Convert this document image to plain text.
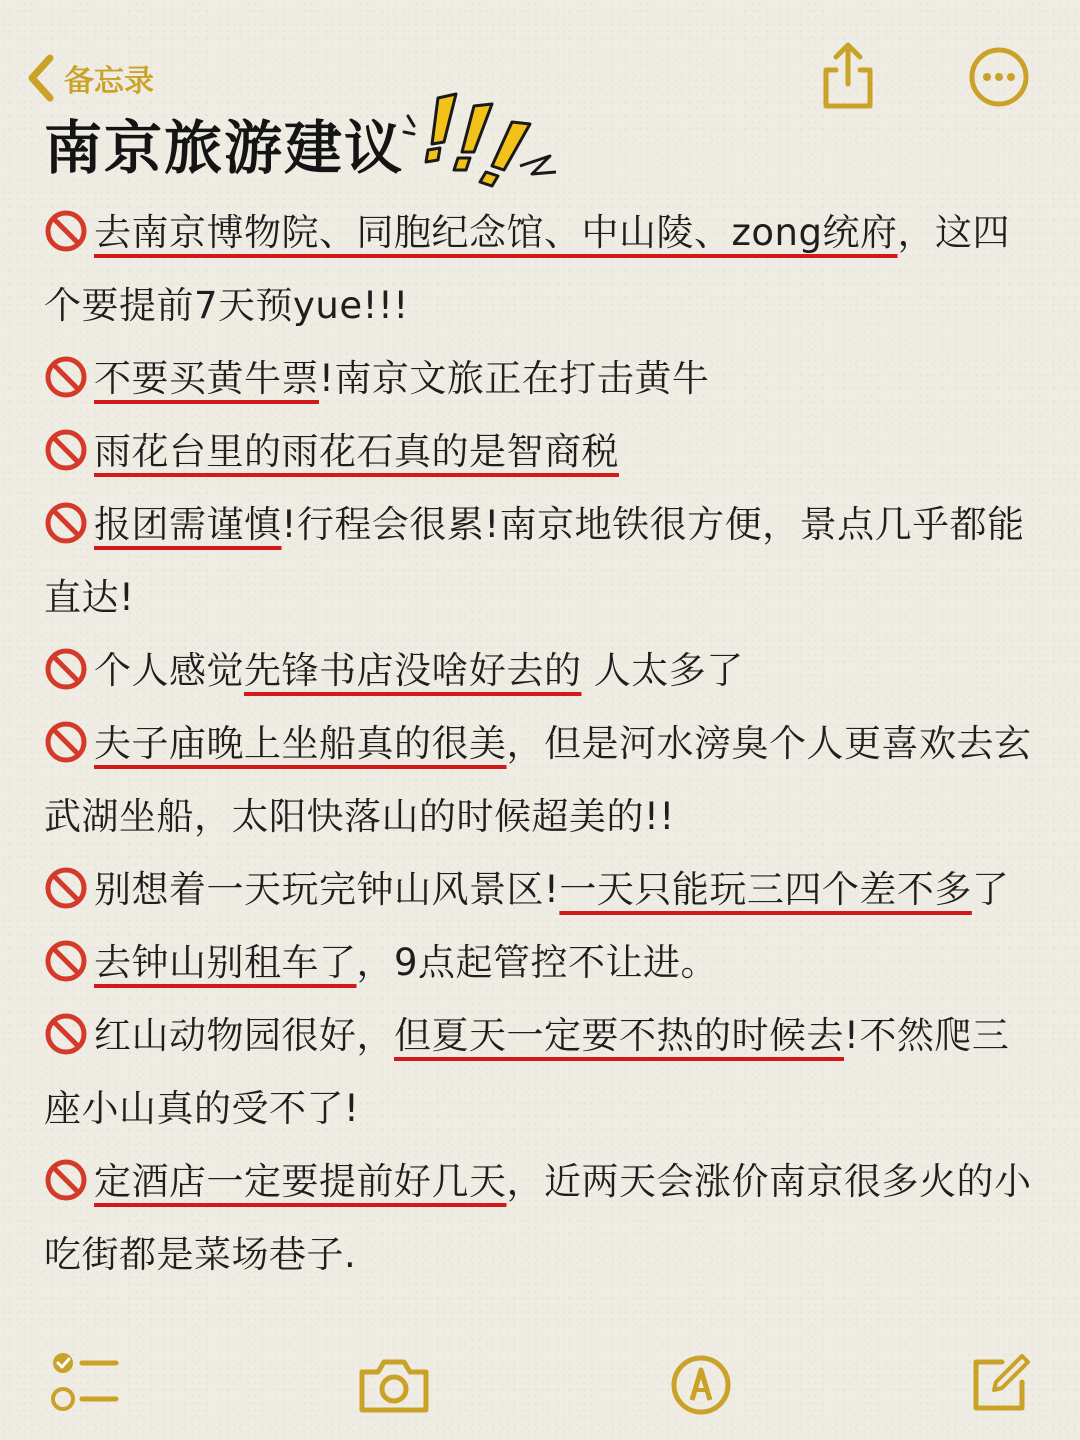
备忘录
南京旅游建议
去南京博物院、同胞纪念馆、中山陵、zong统府，这四个要提前7天预yue!!!
不要买黄牛票!南京文旅正在打击黄牛
雨花台里的雨花石真的是智商税
报团需谨慎!行程会很累!南京地铁很方便，景点几乎都能直达!
个人感觉先锋书店没啥好去的 人太多了
夫子庙晚上坐船真的很美，但是河水滂臭个人更喜欢去玄武湖坐船，太阳快落山的时候超美的!!
别想着一天玩完钟山风景区!一天只能玩三四个差不多了
去钟山别租车了，9点起管控不让进。
红山动物园很好，但夏天一定要不热的时候去!不然爬三座小山真的受不了!
定酒店一定要提前好几天，近两天会涨价南京很多火的小吃街都是菜场巷子.
